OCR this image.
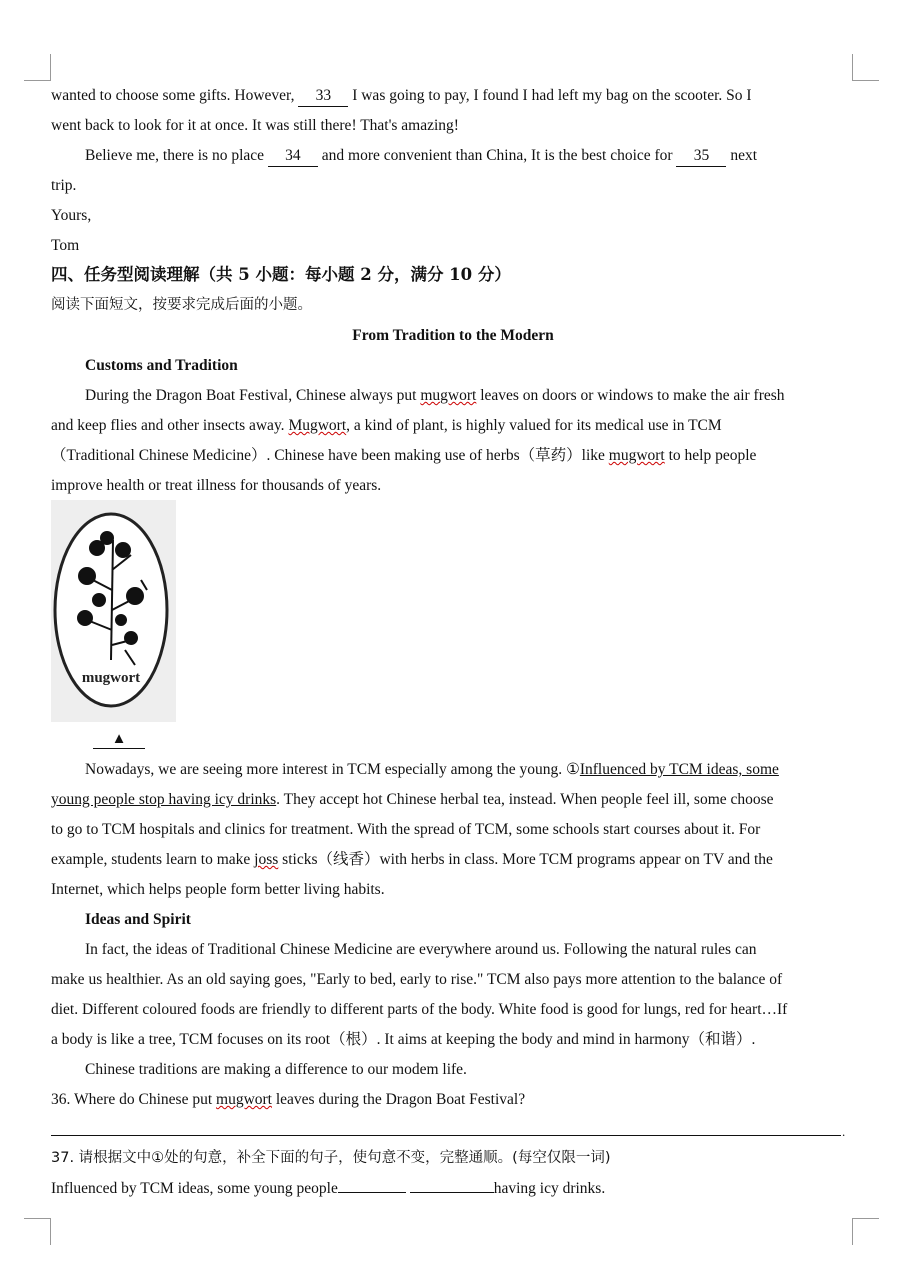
wanted to choose some gifts. However, 33 I was going to pay, I found I had left my bag on the scooter. So I
went back to look for it at once. It was still there! That's amazing!
Believe me, there is no place 34 and more convenient than China, It is the best choice for 35 next
trip.
Yours,
Tom
四、任务型阅读理解（共 5 小题：每小题 2 分，满分 10 分）
阅读下面短文，按要求完成后面的小题。
From Tradition to the Modern
Customs and Tradition
During the Dragon Boat Festival, Chinese always put mugwort leaves on doors or windows to make the air fresh
and keep flies and other insects away. Mugwort, a kind of plant, is highly valued for its medical use in TCM
（Traditional Chinese Medicine）. Chinese have been making use of herbs（草药）like mugwort to help people
improve health or treat illness for thousands of years.
mugwort
▲
Nowadays, we are seeing more interest in TCM especially among the young. ①Influenced by TCM ideas, some
young people stop having icy drinks. They accept hot Chinese herbal tea, instead. When people feel ill, some choose
to go to TCM hospitals and clinics for treatment. With the spread of TCM, some schools start courses about it. For
example, students learn to make joss sticks（线香）with herbs in class. More TCM programs appear on TV and the
Internet, which helps people form better living habits.
Ideas and Spirit
In fact, the ideas of Traditional Chinese Medicine are everywhere around us. Following the natural rules can
make us healthier. As an old saying goes, "Early to bed, early to rise." TCM also pays more attention to the balance of
diet. Different coloured foods are friendly to different parts of the body. White food is good for lungs, red for heart…If
a body is like a tree, TCM focuses on its root（根）. It aims at keeping the body and mind in harmony（和谐）.
Chinese traditions are making a difference to our modem life.
36. Where do Chinese put mugwort leaves during the Dragon Boat Festival?
.
37. 请根据文中①处的句意，补全下面的句子，使句意不变，完整通顺。(每空仅限一词)
Influenced by TCM ideas, some young people	having icy drinks.
